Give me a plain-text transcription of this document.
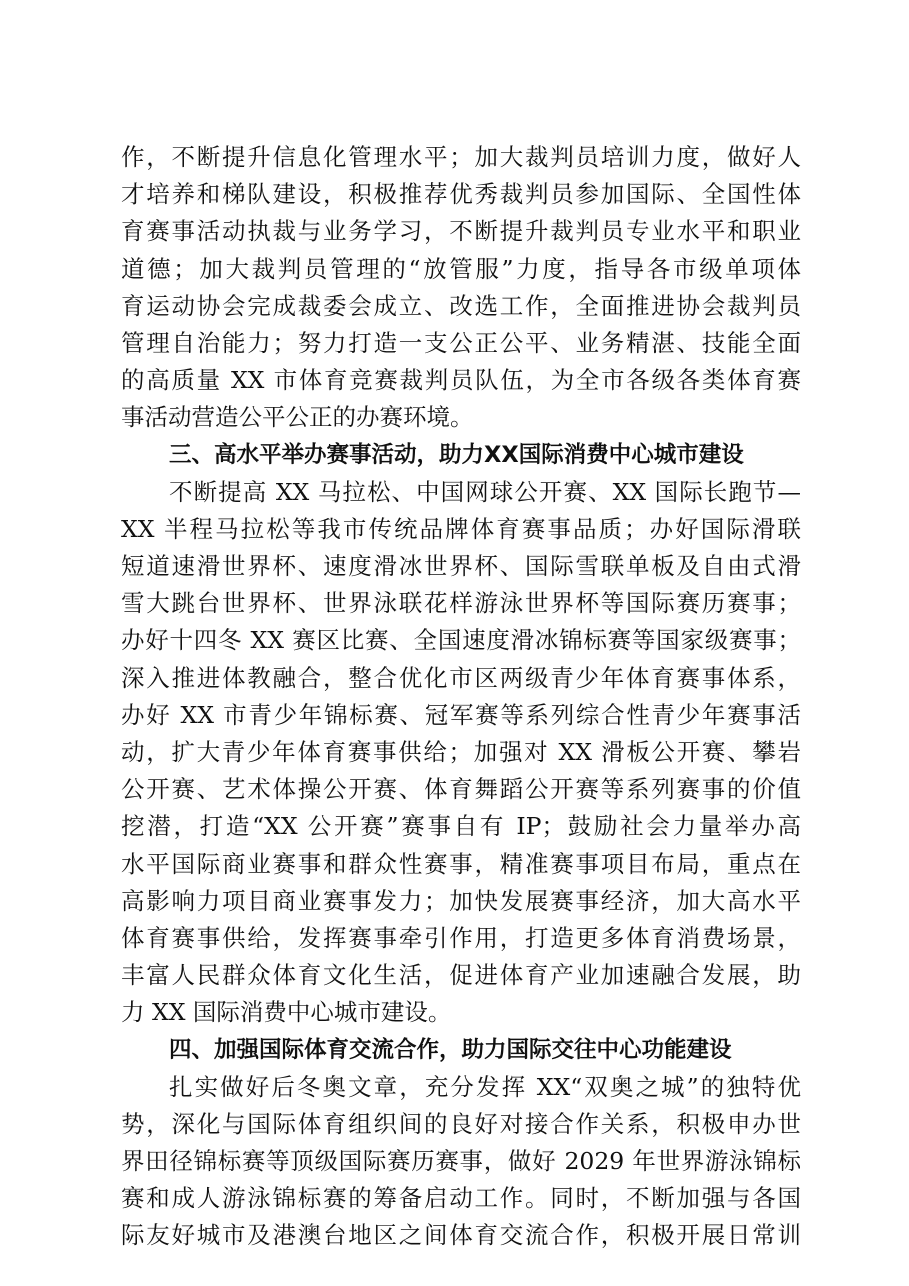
作，不断提升信息化管理水平；加大裁判员培训力度，做好人
才培养和梯队建设，积极推荐优秀裁判员参加国际、全国性体
育赛事活动执裁与业务学习，不断提升裁判员专业水平和职业
道德；加大裁判员管理的“放管服”力度，指导各市级单项体
育运动协会完成裁委会成立、改选工作，全面推进协会裁判员
管理自治能力；努力打造一支公正公平、业务精湛、技能全面
的高质量 XX 市体育竞赛裁判员队伍，为全市各级各类体育赛
事活动营造公平公正的办赛环境。
三、高水平举办赛事活动，助力XX国际消费中心城市建设
不断提高 XX 马拉松、中国网球公开赛、XX 国际长跑节—
XX 半程马拉松等我市传统品牌体育赛事品质；办好国际滑联
短道速滑世界杯、速度滑冰世界杯、国际雪联单板及自由式滑
雪大跳台世界杯、世界泳联花样游泳世界杯等国际赛历赛事；
办好十四冬 XX 赛区比赛、全国速度滑冰锦标赛等国家级赛事；
深入推进体教融合，整合优化市区两级青少年体育赛事体系，
办好 XX 市青少年锦标赛、冠军赛等系列综合性青少年赛事活
动，扩大青少年体育赛事供给；加强对 XX 滑板公开赛、攀岩
公开赛、艺术体操公开赛、体育舞蹈公开赛等系列赛事的价值
挖潜，打造“XX 公开赛”赛事自有 IP；鼓励社会力量举办高
水平国际商业赛事和群众性赛事，精准赛事项目布局，重点在
高影响力项目商业赛事发力；加快发展赛事经济，加大高水平
体育赛事供给，发挥赛事牵引作用，打造更多体育消费场景，
丰富人民群众体育文化生活，促进体育产业加速融合发展，助
力 XX 国际消费中心城市建设。
四、加强国际体育交流合作，助力国际交往中心功能建设
扎实做好后冬奥文章，充分发挥 XX“双奥之城”的独特优
势，深化与国际体育组织间的良好对接合作关系，积极申办世
界田径锦标赛等顶级国际赛历赛事，做好 2029 年世界游泳锦标
赛和成人游泳锦标赛的筹备启动工作。同时，不断加强与各国
际友好城市及港澳台地区之间体育交流合作，积极开展日常训
